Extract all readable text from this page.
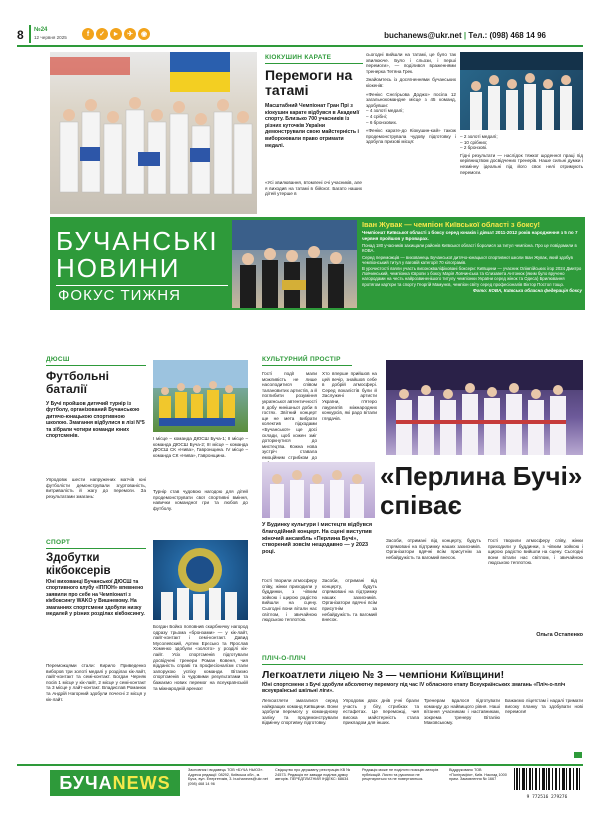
8 №24
12 червня 2025	f	✓	►	✈	◉	buchanews@ukr.net | Тел.: (098) 468 14 96
КІОКУШИН КАРАТЕ
Перемоги на татамі
Масштабний Чемпіонат Гран Прі з кіокушин карате відбувся в Академії спорту. Близько 700 учасників із різних куточків України демонстрували свою майстерність і вибороювали право отримати медалі.
«Усі хвилювання, втомлені очі учасників, але я виходив на татамі в бійскої. Багато наших дітей утерше в
сьогодні вийшли на татамі, це було так хвилююче. Було і сльози, і перші перемоги», — поділився враженнями тренерка Тетяна Грек.
Знайомтесь із досягненнями бучанських кіокенів:
«Фенікс Снєгірьова Доджо» посіла 12 загальнокомандне місце з 45 команд, здобувши:
– 4 золоті медалі;
– 4 срібні;
– 6 бронзових.
«Фенікс карате-до Кіокушин-кай» також продемонструвала чудову підготовку і здобула призові місця:
– 2 золоті медалі;
– 10 срібних;
– 2 бронзові.
Гідні результати — наслідок тяжкої щоденної праці під керівництвом досвідчених тренерів. Наше сильні думки і незмінну ідеальні під його своє нелі отримують перемоги.
БУЧАНСЬКІ
НОВИНИ
ФОКУС ТИЖНЯ
Іван Жувак — чемпіон Київської області з боксу!
Чемпіонат Київської області з боксу серед юнаків і дівчат 2011-2012 років народження з 5 по 7 червня пройшов у Броварах.
Понад 180 учасників захищали районів Київської області боролися за титул чемпіона. Про це повідомили в КОВА.
Серед переможців — вихованець Бучанської дитячо-юнацької спортивної школи Іван Жувак, який здобув чемпіонський титул у ваговій категорії 70 кілограмів.
В урочистості взяли участь висококваліфіковані боксери: Київщини — учасник Олімпійських ігор 2024 Дмитро Ловчинський, чемпіонка Європи з боксу Марія Ловчинська та Єлизавета Антонюк (яким було вручено нагородами на честь найрозвиненішого титулу чемпіонки України серед жінок та Одеса) Брилювання протягом кар'єри та спорту Георгій Мамунєв, чемпіон світу серед професіоналів Віктор Постол тощо.
Фото: КОВА, Київська обласна федерація боксу
ДЮСШ
Футбольні баталії
У Бучі пройшов дитячий турнір із футболу, організований Бучанською дитячо-юнацькою спортивною школою. Змагання відбулися в лізі N°5 та зібрали чотири команди юних спортсменів.
Упродовж шести напружених матчів юні футболісти демонстрували згуртованість, витривалість й жагу до перемоги. За результатами змагань:
I місце – команда ДЮСШ Буча-1; II місце – команда ДЮСШ Буча-2; III місце – команда ДЮСШ СК «Нива», Гавронщина. IV місце – команда СК «Нива», Гавронщина.
Турнір став чудовою нагодою для дітей продемонструвати свої спортивні вміння, навички командної гри та любов до футболу.
СПОРТ
Здобутки кікбоксерів
Юні вихованці Бучанської ДЮСШ та спортивного клубу «ІППОН» впевнено заявили про себе на Чемпіонаті з кікбоксингу WAKO у Вишневому. На змаганнях спортсмени здобули низку медалей у різних розділах кікбоксингу.
Переможцями стали: Кирило Приведенко виборов три золоті медалі у розділах кік-лайт, лайт-контакт та семі-контакт. Богдан Черняк посів 1 місце у кік-лайт, 2 місце у семі-контакт та 3 місце у лайт-контакт. Владислав Романюк та Андрій Нагорний здобули почесні 2 місця у кік-лайт.
Богдан Бойко поповнив скарбничку нагород одразу трьома «бронзами» — у кік-лайт, лайт-контакт і семі-контакт. Давид Мусолевский, Артем Ерєсько та Ярослав Хоменко здобули «золото» у розділі кік-лайт. Усіх спортсменів підготували досвідчені тренери Роман Ковеня, чия відданість справі та професіоналізм стали запорукою успіху команди. Вітаємо спортсменів із чудовими результатами та бажаємо нових перемог на всеукраїнській та міжнародній аренах!
КУЛЬТУРНИЙ ПРОСТІР
Гості події мали можливість не лише насолодитися співом талановитих артистів, а й поглибити розуміння української автентичності в добу нинішньої доби в гостях. Звітний концерт ще не мета вибрати колектив підходами «Бучанської» ще досі склади, щоб кожен зміг доторкнутися до мистецтва. Кожна нова зустріч ставала емоційним стрибком до
Хто вперше прийшов на цей вечір, знайшов себе в добрій атмосфері. Серед вокалістів були й Заслужені артисти України, п'ятеро лауреатів міжнародних конкурсів, які радо вітали глядачів.
«Перлина Бучі» співає
У Будинку культури і мистецтв відбувся благодійний концерт. На сцені виступив жіночий ансамбль «Перлина Бучі», створений зовсім нещодавно — у 2023 році.
Гості творили атмосферу співу, жінки приходили у буддинки, з чіпким зойкою і щирою радістю вийшли на сцену. Сьогодні вони вітали нас світлом, і звичайною людською теплотою.
Засоби, отримані від концерту, будуть спрямовані на підтримку наших захисників. Організатори вдячні всім присутнім за небайдужість та вагомий внесок.
Засоби, отримані від концерту, будуть спрямовані на підтримку наших захисників. Організатори вдячні всім присутнім за небайдужість та вагомий внесок.
Гості творили атмосферу співу, жінки приходили у буддинки, з чіпким зойкою і щирою радістю вийшли на сцену. Сьогодні вони вітали нас світлом, і звичайною людською теплотою.
Ольга Остапенко
ПЛІЧ-О-ПЛІЧ
Легкоатлети ліцею № 3 — чемпіони Київщини!
Юні спортсмени з Бучі здобули абсолютну перемогу під час IV обласного етапу Всеукраїнських змагань «Пліч-о-пліч всеукраїнські шкільні ліги».
Легкоатлети змагалися серед найкращих команд Київщини. Вони здобули перемогу у командному заліку та продемонстрували відмінну спортивну підготовку.
Упродовж двох днів учні брали участь у бігу, стрибках та естафетах. Це переможці, чия висока майстерність стала прикладом для інших.
Тренерам вдалося підготувати команду до найвищого рівня. Наші вітання учасникам і наставникам, зокрема тренеру Віталію Маковському.
Бажаємо ліцеїстам і надалі тримати високу планку та здобувати нові перемоги!
БУЧА NEWS
Засновник і видавець ТОВ «БУЧА НЬЮЗ». Адреса редакції: 08292, Київська обл., м. Буча, вул. Енергетиків, 3. buchanews@ukr.net (098) 468 14 96
Свідоцтво про державну реєстрацію КВ № 24573. Редакція не завжди поділяє думку авторів. ПЕРЕДПЛАТНИЙ ІНДЕКС: 68634
Редакція може не поділяти позицію авторів публікацій. Листи та рукописи не рецензуються та не повертаються.
Віддруковано ТОВ «Поліграфія», Київ. Наклад 1000 прим. Замовлення № 1667
9 772516 279276
